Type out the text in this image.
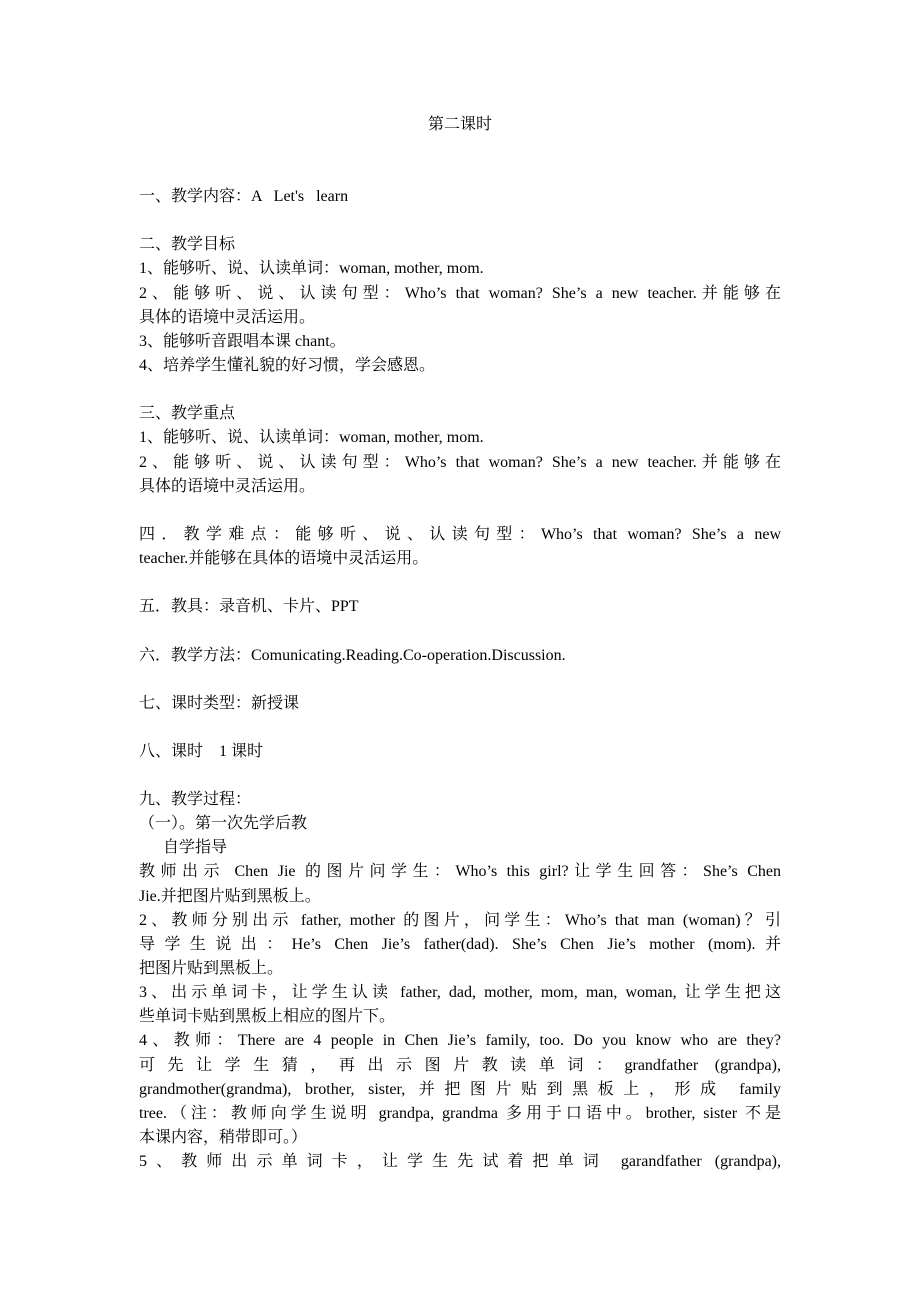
第二课时
一、教学内容：A   Let's   learn
二、教学目标
1、能够听、说、认读单词：woman, mother, mom.
2、能够听、说、认读句型：Who’s that woman? She’s a new teacher.并能够在
具体的语境中灵活运用。
3、能够听音跟唱本课 chant。
4、培养学生懂礼貌的好习惯，学会感恩。
三、教学重点
1、能够听、说、认读单词：woman, mother, mom.
2、能够听、说、认读句型：Who’s that woman? She’s a new teacher.并能够在
具体的语境中灵活运用。
四．教学难点：能够听、说、认读句型：Who’s that woman? She’s a new
teacher.并能够在具体的语境中灵活运用。
五．教具：录音机、卡片、PPT
六．教学方法：Comunicating.Reading.Co-operation.Discussion.
七、课时类型：新授课
八、课时    1 课时
九、教学过程：
（一）。第一次先学后教
自学指导
教师出示 Chen Jie 的图片问学生：Who’s this girl?让学生回答：She’s Chen
Jie.并把图片贴到黑板上。
2、教师分别出示 father, mother 的图片，问学生：Who’s that man (woman)？引
导学生说出：He’s Chen Jie’s father(dad). She’s Chen Jie’s mother (mom).并
把图片贴到黑板上。
3、出示单词卡，让学生认读 father, dad, mother, mom, man, woman, 让学生把这
些单词卡贴到黑板上相应的图片下。
4、教师：There are 4 people in Chen Jie’s family, too. Do you know who are they?
可先让学生猜，再出示图片教读单词：grandfather (grandpa),
grandmother(grandma), brother, sister, 并把图片贴到黑板上，形成 family
tree.（注：教师向学生说明 grandpa, grandma 多用于口语中。brother, sister 不是
本课内容，稍带即可。）
5、教师出示单词卡，让学生先试着把单词 garandfather (grandpa),
